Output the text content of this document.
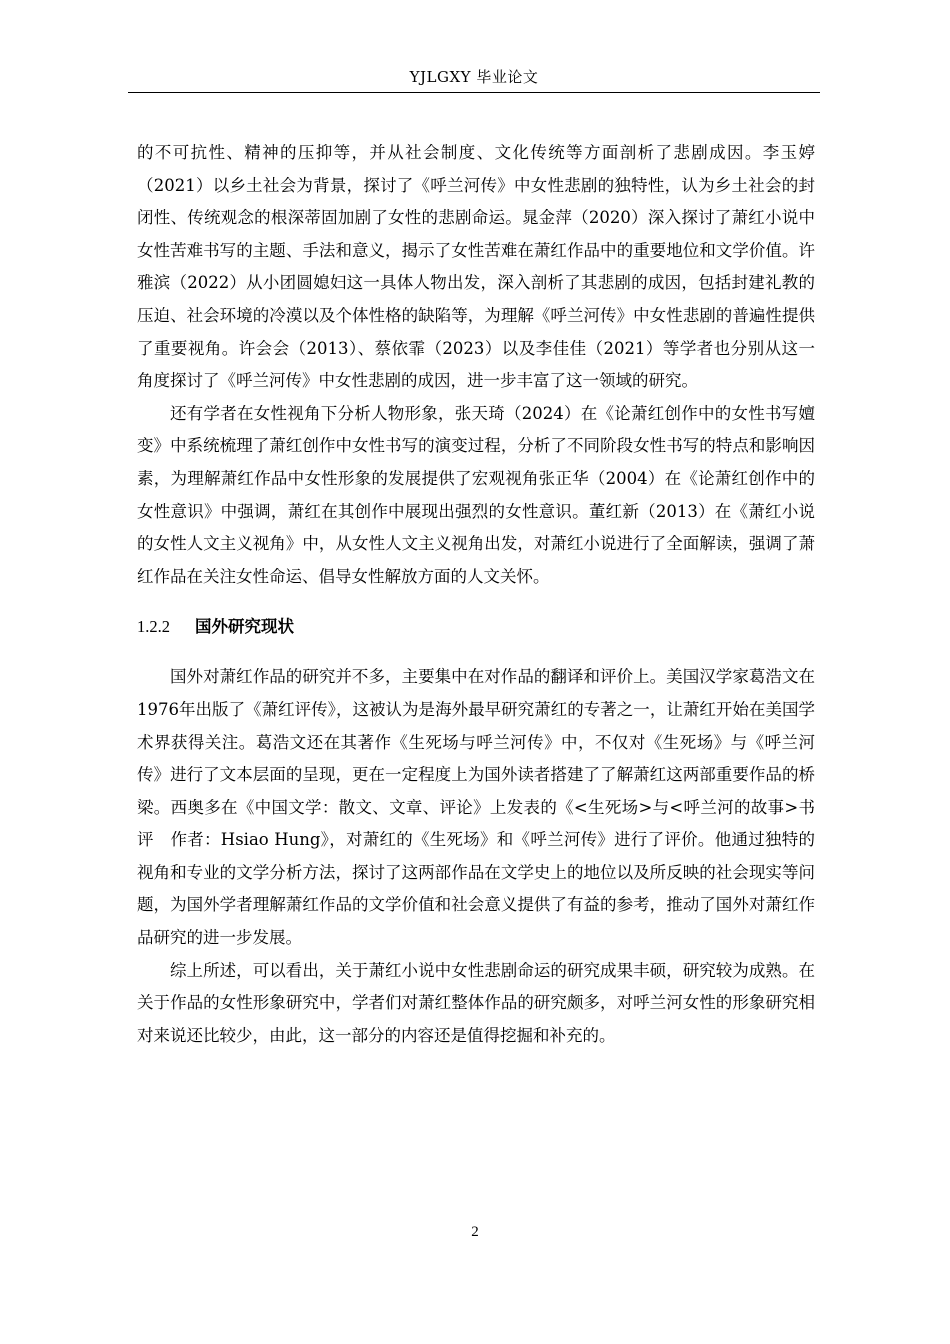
YJLGXY 毕业论文

的不可抗性、精神的压抑等，并从社会制度、文化传统等方面剖析了悲剧成因。李玉婷（2021）以乡土社会为背景，探讨了《呼兰河传》中女性悲剧的独特性，认为乡土社会的封闭性、传统观念的根深蒂固加剧了女性的悲剧命运。晁金萍（2020）深入探讨了萧红小说中女性苦难书写的主题、手法和意义，揭示了女性苦难在萧红作品中的重要地位和文学价值。许雅滨（2022）从小团圆媳妇这一具体人物出发，深入剖析了其悲剧的成因，包括封建礼教的压迫、社会环境的冷漠以及个体性格的缺陷等，为理解《呼兰河传》中女性悲剧的普遍性提供了重要视角。许会会（2013）、蔡依霏（2023）以及李佳佳（2021）等学者也分别从这一角度探讨了《呼兰河传》中女性悲剧的成因，进一步丰富了这一领域的研究。

还有学者在女性视角下分析人物形象，张天琦（2024）在《论萧红创作中的女性书写嬗变》中系统梳理了萧红创作中女性书写的演变过程，分析了不同阶段女性书写的特点和影响因素，为理解萧红作品中女性形象的发展提供了宏观视角张正华（2004）在《论萧红创作中的女性意识》中强调，萧红在其创作中展现出强烈的女性意识。董红新（2013）在《萧红小说的女性人文主义视角》中，从女性人文主义视角出发，对萧红小说进行了全面解读，强调了萧红作品在关注女性命运、倡导女性解放方面的人文关怀。

1.2.2 国外研究现状

国外对萧红作品的研究并不多，主要集中在对作品的翻译和评价上。美国汉学家葛浩文在1976年出版了《萧红评传》，这被认为是海外最早研究萧红的专著之一，让萧红开始在美国学术界获得关注。葛浩文还在其著作《生死场与呼兰河传》中，不仅对《生死场》与《呼兰河传》进行了文本层面的呈现，更在一定程度上为国外读者搭建了了解萧红这两部重要作品的桥梁。西奥多在《中国文学：散文、文章、评论》上发表的《<生死场>与<呼兰河的故事>书评　作者：Hsiao Hung》，对萧红的《生死场》和《呼兰河传》进行了评价。他通过独特的视角和专业的文学分析方法，探讨了这两部作品在文学史上的地位以及所反映的社会现实等问题，为国外学者理解萧红作品的文学价值和社会意义提供了有益的参考，推动了国外对萧红作品研究的进一步发展。

综上所述，可以看出，关于萧红小说中女性悲剧命运的研究成果丰硕，研究较为成熟。在关于作品的女性形象研究中，学者们对萧红整体作品的研究颇多，对呼兰河女性的形象研究相对来说还比较少，由此，这一部分的内容还是值得挖掘和补充的。

2
